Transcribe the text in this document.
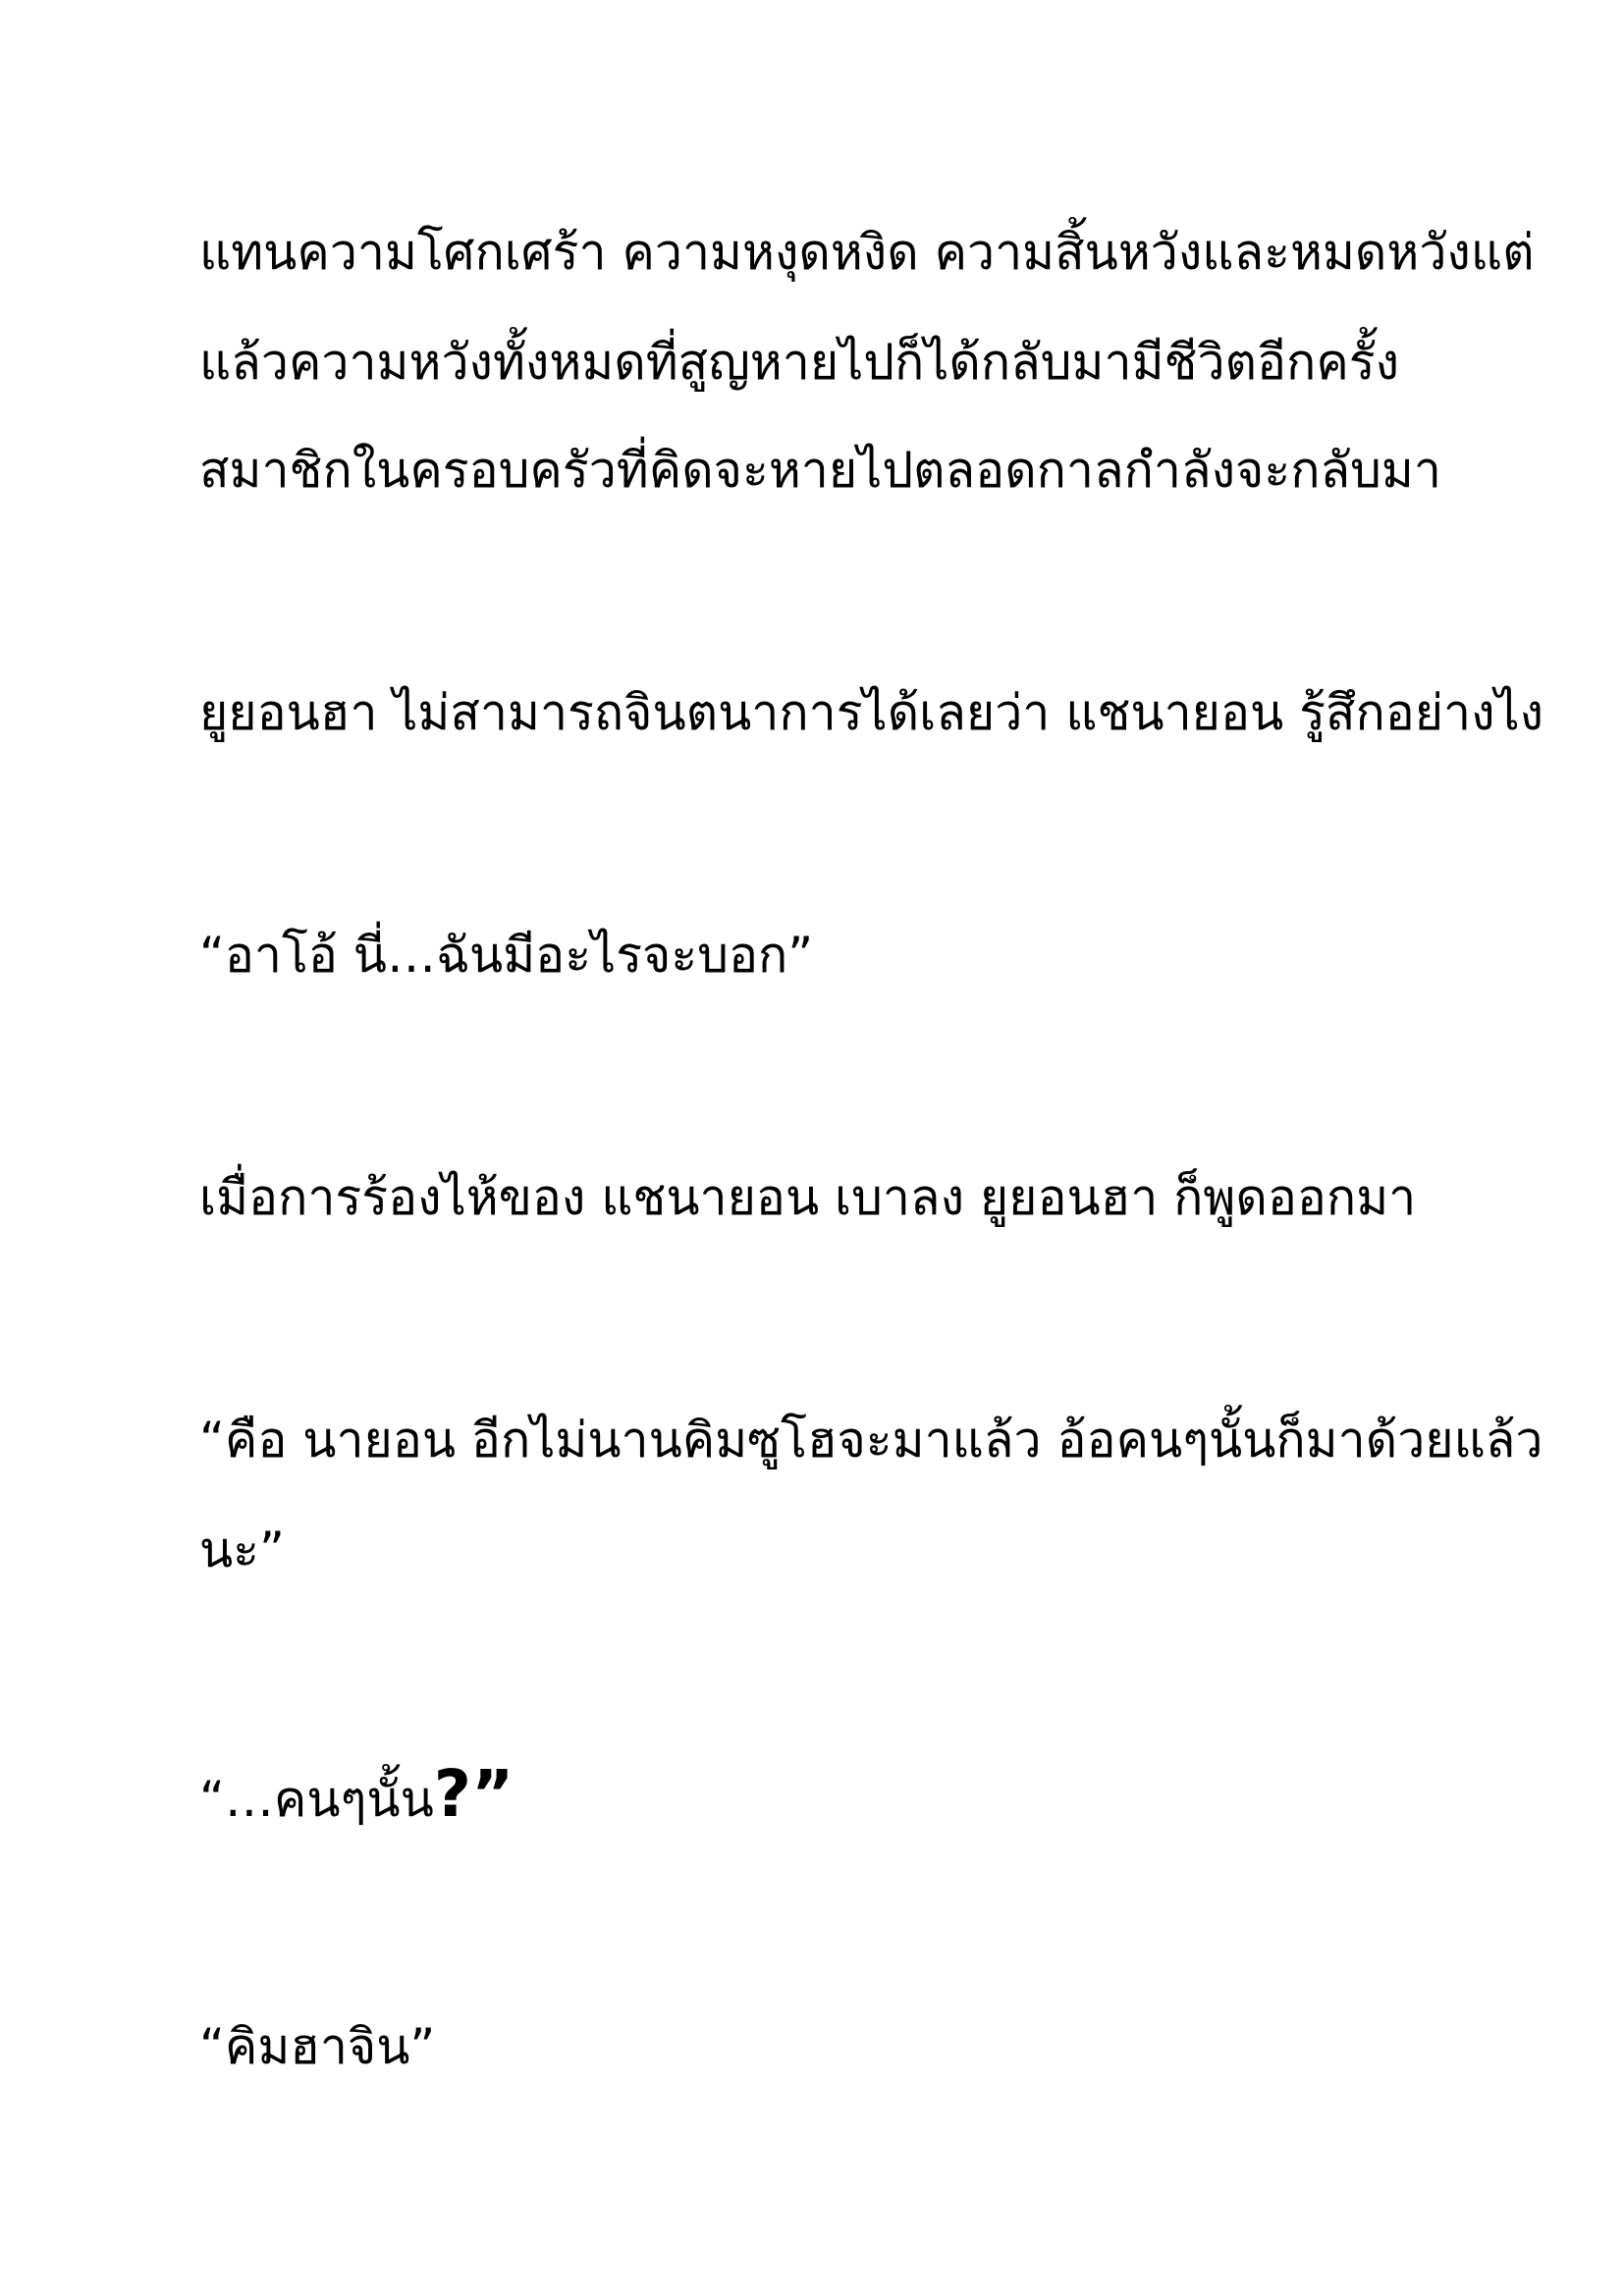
แทนความโศกเศร้า ความหงุดหงิด ความสิ้นหวังและหมดหวังแต่

แล้วความหวังทั้งหมดที่สูญหายไปก็ได้กลับมามีชีวิตอีกครั้ง

สมาชิกในครอบครัวที่คิดจะหายไปตลอดกาลกำลังจะกลับมา

ยูยอนฮา ไม่สามารถจินตนาการได้เลยว่า แชนายอน รู้สึกอย่างไง

“อาโอ้ นี่…ฉันมีอะไรจะบอก”

เมื่อการร้องไห้ของ แชนายอน เบาลง ยูยอนฮา ก็พูดออกมา

“คือ นายอน อีกไม่นานคิมซูโฮจะมาแล้ว อ้อคนๆนั้นก็มาด้วยแล้ว

นะ”

“…คนๆนั้น?”

“คิมฮาจิน”
